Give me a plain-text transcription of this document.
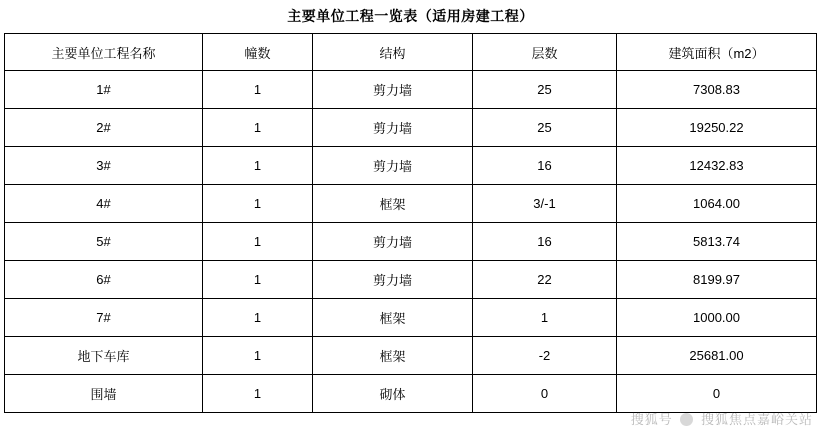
主要单位工程一览表（适用房建工程）
主要单位工程名称	幢数	结构	层数	建筑面积（m2）
1#	1	剪力墙	25	7308.83
2#	1	剪力墙	25	19250.22
3#	1	剪力墙	16	12432.83
4#	1	框架	3/-1	1064.00
5#	1	剪力墙	16	5813.74
6#	1	剪力墙	22	8199.97
7#	1	框架	1	1000.00
地下车库	1	框架	-2	25681.00
围墙	1	砌体	0	0
搜狐号 搜狐焦点嘉峪关站
